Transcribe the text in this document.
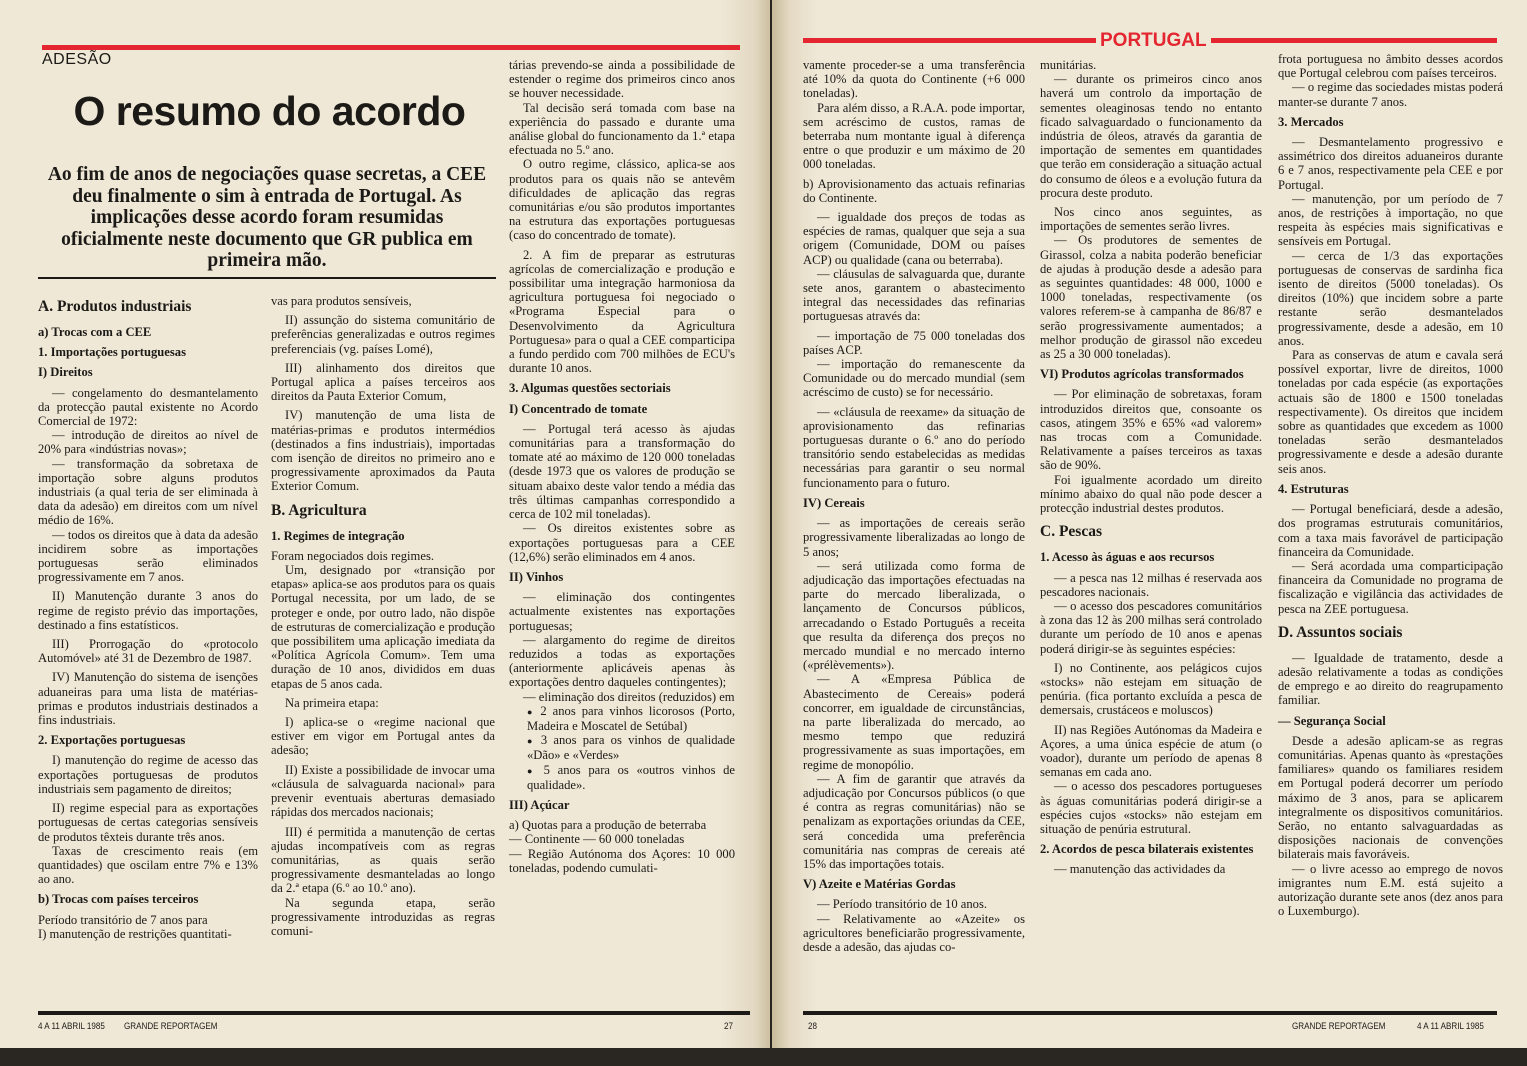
ADESÃO
O resumo do acordo

Ao fim de anos de negociações quase secretas, a CEE deu finalmente o sim à entrada de Portugal. As implicações desse acordo foram resumidas oficialmente neste documento que GR publica em primeira mão.

A. Produtos industriais
a) Trocas com a CEE
1. Importações portuguesas
I) Direitos

— congelamento do desmantelamento da protecção pautal existente no Acordo Comercial de 1972:

— introdução de direitos ao nível de 20% para «indústrias novas»;

— transformação da sobretaxa de importação sobre alguns produtos industriais (a qual teria de ser eliminada à data da adesão) em direitos com um nível médio de 16%.

— todos os direitos que à data da adesão incidirem sobre as importações portuguesas serão eliminados progressivamente em 7 anos.

II) Manutenção durante 3 anos do regime de registo prévio das importações, destinado a fins estatísticos.

III) Prorrogação do «protocolo Automóvel» até 31 de Dezembro de 1987.

IV) Manutenção do sistema de isenções aduaneiras para uma lista de matérias-primas e produtos industriais destinados a fins industriais.

2. Exportações portuguesas

I) manutenção do regime de acesso das exportações portuguesas de produtos industriais sem pagamento de direitos;

II) regime especial para as exportações portuguesas de certas categorias sensíveis de produtos têxteis durante três anos.

Taxas de crescimento reais (em quantidades) que oscilam entre 7% e 13% ao ano.

b) Trocas com países terceiros

Período transitório de 7 anos para

I) manutenção de restrições quantitati-

vas para produtos sensíveis,

II) assunção do sistema comunitário de preferências generalizadas e outros regimes preferenciais (vg. países Lomé),

III) alinhamento dos direitos que Portugal aplica a países terceiros aos direitos da Pauta Exterior Comum,

IV) manutenção de uma lista de matérias-primas e produtos intermédios (destinados a fins industriais), importadas com isenção de direitos no primeiro ano e progressivamente aproximados da Pauta Exterior Comum.

B. Agricultura
1. Regimes de integração

Foram negociados dois regimes.

Um, designado por «transição por etapas» aplica-se aos produtos para os quais Portugal necessita, por um lado, de se proteger e onde, por outro lado, não dispõe de estruturas de comercialização e produção que possibilitem uma aplicação imediata da «Política Agrícola Comum». Tem uma duração de 10 anos, divididos em duas etapas de 5 anos cada.

Na primeira etapa:

I) aplica-se o «regime nacional que estiver em vigor em Portugal antes da adesão;

II) Existe a possibilidade de invocar uma «cláusula de salvaguarda nacional» para prevenir eventuais aberturas demasiado rápidas dos mercados nacionais;

III) é permitida a manutenção de certas ajudas incompatíveis com as regras comunitárias, as quais serão progressivamente desmanteladas ao longo da 2.ª etapa (6.º ao 10.º ano).

Na segunda etapa, serão progressivamente introduzidas as regras comuni-

tárias prevendo-se ainda a possibilidade de estender o regime dos primeiros cinco anos se houver necessidade.

Tal decisão será tomada com base na experiência do passado e durante uma análise global do funcionamento da 1.ª etapa efectuada no 5.º ano.

O outro regime, clássico, aplica-se aos produtos para os quais não se antevêm dificuldades de aplicação das regras comunitárias e/ou são produtos importantes na estrutura das exportações portuguesas (caso do concentrado de tomate).

2. A fim de preparar as estruturas agrícolas de comercialização e produção e possibilitar uma integração harmoniosa da agricultura portuguesa foi negociado o «Programa Especial para o Desenvolvimento da Agricultura Portuguesa» para o qual a CEE comparticipa a fundo perdido com 700 milhões de ECU's durante 10 anos.

3. Algumas questões sectoriais
I) Concentrado de tomate

— Portugal terá acesso às ajudas comunitárias para a transformação do tomate até ao máximo de 120 000 toneladas (desde 1973 que os valores de produção se situam abaixo deste valor tendo a média das três últimas campanhas correspondido a cerca de 102 mil toneladas).

— Os direitos existentes sobre as exportações portuguesas para a CEE (12,6%) serão eliminados em 4 anos.

II) Vinhos

— eliminação dos contingentes actualmente existentes nas exportações portuguesas;

— alargamento do regime de direitos reduzidos a todas as exportações (anteriormente aplicáveis apenas às exportações dentro daqueles contingentes);

— eliminação dos direitos (reduzidos) em

● 2 anos para vinhos licorosos (Porto, Madeira e Moscatel de Setúbal)

● 3 anos para os vinhos de qualidade «Dão» e «Verdes»

● 5 anos para os «outros vinhos de qualidade».

III) Açúcar

a) Quotas para a produção de beterraba

— Continente — 60 000 toneladas

— Região Autónoma dos Açores: 10 000 toneladas, podendo cumulati-

4 A 11 ABRIL 1985 GRANDE REPORTAGEM	27	28	GRANDE REPORTAGEM	4 A 11 ABRIL 1985
PORTUGAL

vamente proceder-se a uma transferência até 10% da quota do Continente (+6 000 toneladas).

Para além disso, a R.A.A. pode importar, sem acréscimo de custos, ramas de beterraba num montante igual à diferença entre o que produzir e um máximo de 20 000 toneladas.

b) Aprovisionamento das actuais refinarias do Continente.

— igualdade dos preços de todas as espécies de ramas, qualquer que seja a sua origem (Comunidade, DOM ou países ACP) ou qualidade (cana ou beterraba).

— cláusulas de salvaguarda que, durante sete anos, garantem o abastecimento integral das necessidades das refinarias portuguesas através da:

— importação de 75 000 toneladas dos países ACP.

— importação do remanescente da Comunidade ou do mercado mundial (sem acréscimo de custo) se for necessário.

— «cláusula de reexame» da situação de aprovisionamento das refinarias portuguesas durante o 6.º ano do período transitório sendo estabelecidas as medidas necessárias para garantir o seu normal funcionamento para o futuro.

IV) Cereais

— as importações de cereais serão progressivamente liberalizadas ao longo de 5 anos;

— será utilizada como forma de adjudicação das importações efectuadas na parte do mercado liberalizada, o lançamento de Concursos públicos, arrecadando o Estado Português a receita que resulta da diferença dos preços no mercado mundial e no mercado interno («prélèvements»).

— A «Empresa Pública de Abastecimento de Cereais» poderá concorrer, em igualdade de circunstâncias, na parte liberalizada do mercado, ao mesmo tempo que reduzirá progressivamente as suas importações, em regime de monopólio.

— A fim de garantir que através da adjudicação por Concursos públicos (o que é contra as regras comunitárias) não se penalizam as exportações oriundas da CEE, será concedida uma preferência comunitária nas compras de cereais até 15% das importações totais.

V) Azeite e Matérias Gordas

— Período transitório de 10 anos.

— Relativamente ao «Azeite» os agricultores beneficiarão progressivamente, desde a adesão, das ajudas co-

munitárias.

— durante os primeiros cinco anos haverá um controlo da importação de sementes oleaginosas tendo no entanto ficado salvaguardado o funcionamento da indústria de óleos, através da garantia de importação de sementes em quantidades que terão em consideração a situação actual do consumo de óleos e a evolução futura da procura deste produto.

Nos cinco anos seguintes, as importações de sementes serão livres.

— Os produtores de sementes de Girassol, colza a nabita poderão beneficiar de ajudas à produção desde a adesão para as seguintes quantidades: 48 000, 1000 e 1000 toneladas, respectivamente (os valores referem-se à campanha de 86/87 e serão progressivamente aumentados; a melhor produção de girassol não excedeu as 25 a 30 000 toneladas).

VI) Produtos agrícolas transformados

— Por eliminação de sobretaxas, foram introduzidos direitos que, consoante os casos, atingem 35% e 65% «ad valorem» nas trocas com a Comunidade. Relativamente a países terceiros as taxas são de 90%.

Foi igualmente acordado um direito mínimo abaixo do qual não pode descer a protecção industrial destes produtos.

C. Pescas
1. Acesso às águas e aos recursos

— a pesca nas 12 milhas é reservada aos pescadores nacionais.

— o acesso dos pescadores comunitários à zona das 12 às 200 milhas será controlado durante um período de 10 anos e apenas poderá dirigir-se às seguintes espécies:

I) no Continente, aos pelágicos cujos «stocks» não estejam em situação de penúria. (fica portanto excluída a pesca de demersais, crustáceos e moluscos)

II) nas Regiões Autónomas da Madeira e Açores, a uma única espécie de atum (o voador), durante um período de apenas 8 semanas em cada ano.

— o acesso dos pescadores portugueses às águas comunitárias poderá dirigir-se a espécies cujos «stocks» não estejam em situação de penúria estrutural.

2. Acordos de pesca bilaterais existentes

— manutenção das actividades da

frota portuguesa no âmbito desses acordos que Portugal celebrou com países terceiros.

— o regime das sociedades mistas poderá manter-se durante 7 anos.

3. Mercados

— Desmantelamento progressivo e assimétrico dos direitos aduaneiros durante 6 e 7 anos, respectivamente pela CEE e por Portugal.

— manutenção, por um período de 7 anos, de restrições à importação, no que respeita às espécies mais significativas e sensíveis em Portugal.

— cerca de 1/3 das exportações portuguesas de conservas de sardinha fica isento de direitos (5000 toneladas). Os direitos (10%) que incidem sobre a parte restante serão desmantelados progressivamente, desde a adesão, em 10 anos.

Para as conservas de atum e cavala será possível exportar, livre de direitos, 1000 toneladas por cada espécie (as exportações actuais são de 1800 e 1500 toneladas respectivamente). Os direitos que incidem sobre as quantidades que excedem as 1000 toneladas serão desmantelados progressivamente e desde a adesão durante seis anos.

4. Estruturas

— Portugal beneficiará, desde a adesão, dos programas estruturais comunitários, com a taxa mais favorável de participação financeira da Comunidade.

— Será acordada uma comparticipação financeira da Comunidade no programa de fiscalização e vigilância das actividades de pesca na ZEE portuguesa.

D. Assuntos sociais

— Igualdade de tratamento, desde a adesão relativamente a todas as condições de emprego e ao direito do reagrupamento familiar.

— Segurança Social

Desde a adesão aplicam-se as regras comunitárias. Apenas quanto às «prestações familiares» quando os familiares residem em Portugal poderá decorrer um período máximo de 3 anos, para se aplicarem integralmente os dispositivos comunitários. Serão, no entanto salvaguardadas as disposições nacionais de convenções bilaterais mais favoráveis.

— o livre acesso ao emprego de novos imigrantes num E.M. está sujeito a autorização durante sete anos (dez anos para o Luxemburgo).
